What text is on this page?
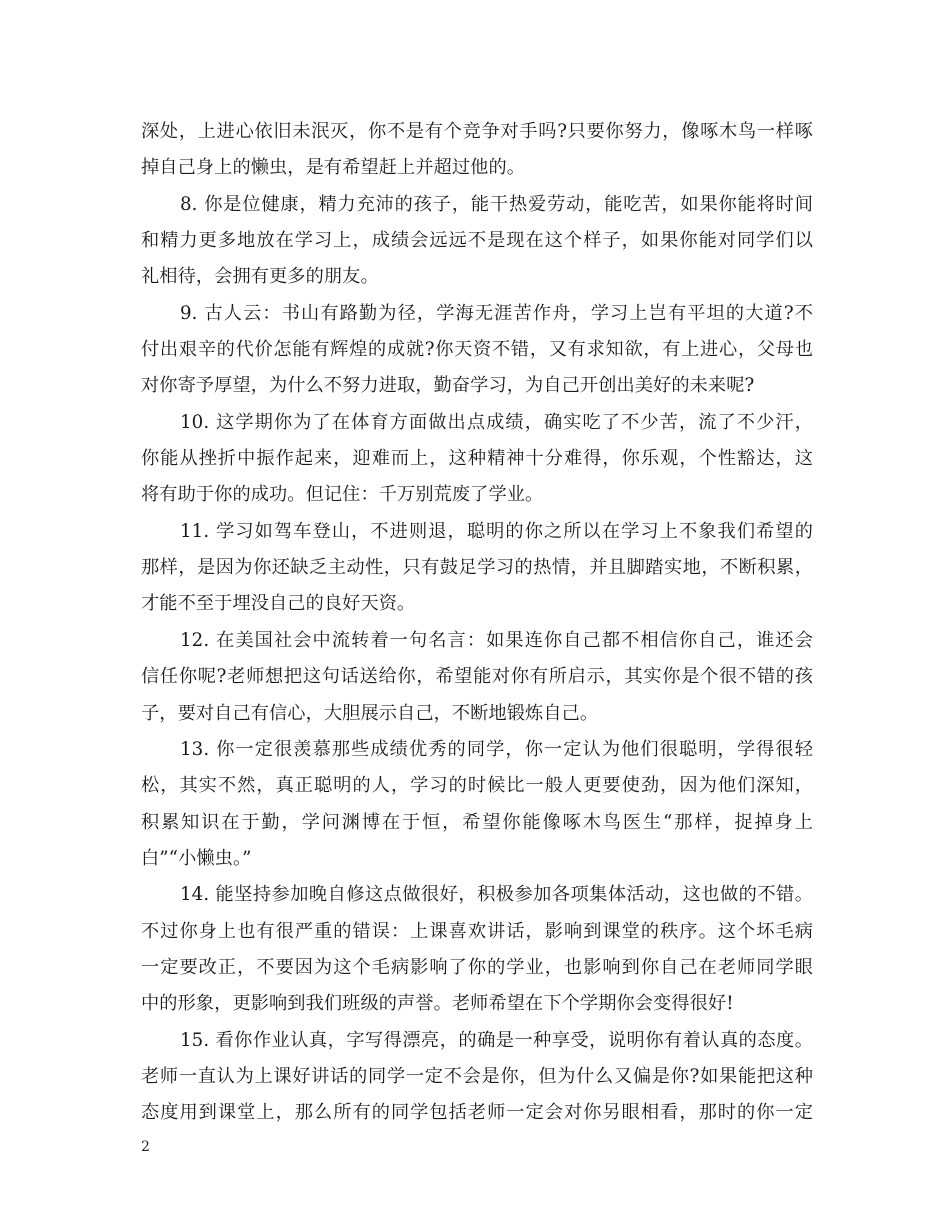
深处，上进心依旧未泯灭，你不是有个竞争对手吗?只要你努力，像啄木鸟一样啄
掉自己身上的懒虫，是有希望赶上并超过他的。
8. 你是位健康，精力充沛的孩子，能干热爱劳动，能吃苦，如果你能将时间
和精力更多地放在学习上，成绩会远远不是现在这个样子，如果你能对同学们以
礼相待，会拥有更多的朋友。
9. 古人云：书山有路勤为径，学海无涯苦作舟，学习上岂有平坦的大道?不
付出艰辛的代价怎能有辉煌的成就?你天资不错，又有求知欲，有上进心，父母也
对你寄予厚望，为什么不努力进取，勤奋学习，为自己开创出美好的未来呢?
10. 这学期你为了在体育方面做出点成绩，确实吃了不少苦，流了不少汗，
你能从挫折中振作起来，迎难而上，这种精神十分难得，你乐观，个性豁达，这
将有助于你的成功。但记住：千万别荒废了学业。
11. 学习如驾车登山，不进则退，聪明的你之所以在学习上不象我们希望的
那样，是因为你还缺乏主动性，只有鼓足学习的热情，并且脚踏实地，不断积累，
才能不至于埋没自己的良好天资。
12. 在美国社会中流转着一句名言：如果连你自己都不相信你自己，谁还会
信任你呢?老师想把这句话送给你，希望能对你有所启示，其实你是个很不错的孩
子，要对自己有信心，大胆展示自己，不断地锻炼自己。
13. 你一定很羡慕那些成绩优秀的同学，你一定认为他们很聪明，学得很轻
松，其实不然，真正聪明的人，学习的时候比一般人更要使劲，因为他们深知，
积累知识在于勤，学问渊博在于恒，希望你能像啄木鸟医生“那样，捉掉身上
白”“小懒虫。”
14. 能坚持参加晚自修这点做很好，积极参加各项集体活动，这也做的不错。
不过你身上也有很严重的错误：上课喜欢讲话，影响到课堂的秩序。这个坏毛病
一定要改正，不要因为这个毛病影响了你的学业，也影响到你自己在老师同学眼
中的形象，更影响到我们班级的声誉。老师希望在下个学期你会变得很好!
15. 看你作业认真，字写得漂亮，的确是一种享受，说明你有着认真的态度。
老师一直认为上课好讲话的同学一定不会是你，但为什么又偏是你?如果能把这种
态度用到课堂上，那么所有的同学包括老师一定会对你另眼相看，那时的你一定
2
